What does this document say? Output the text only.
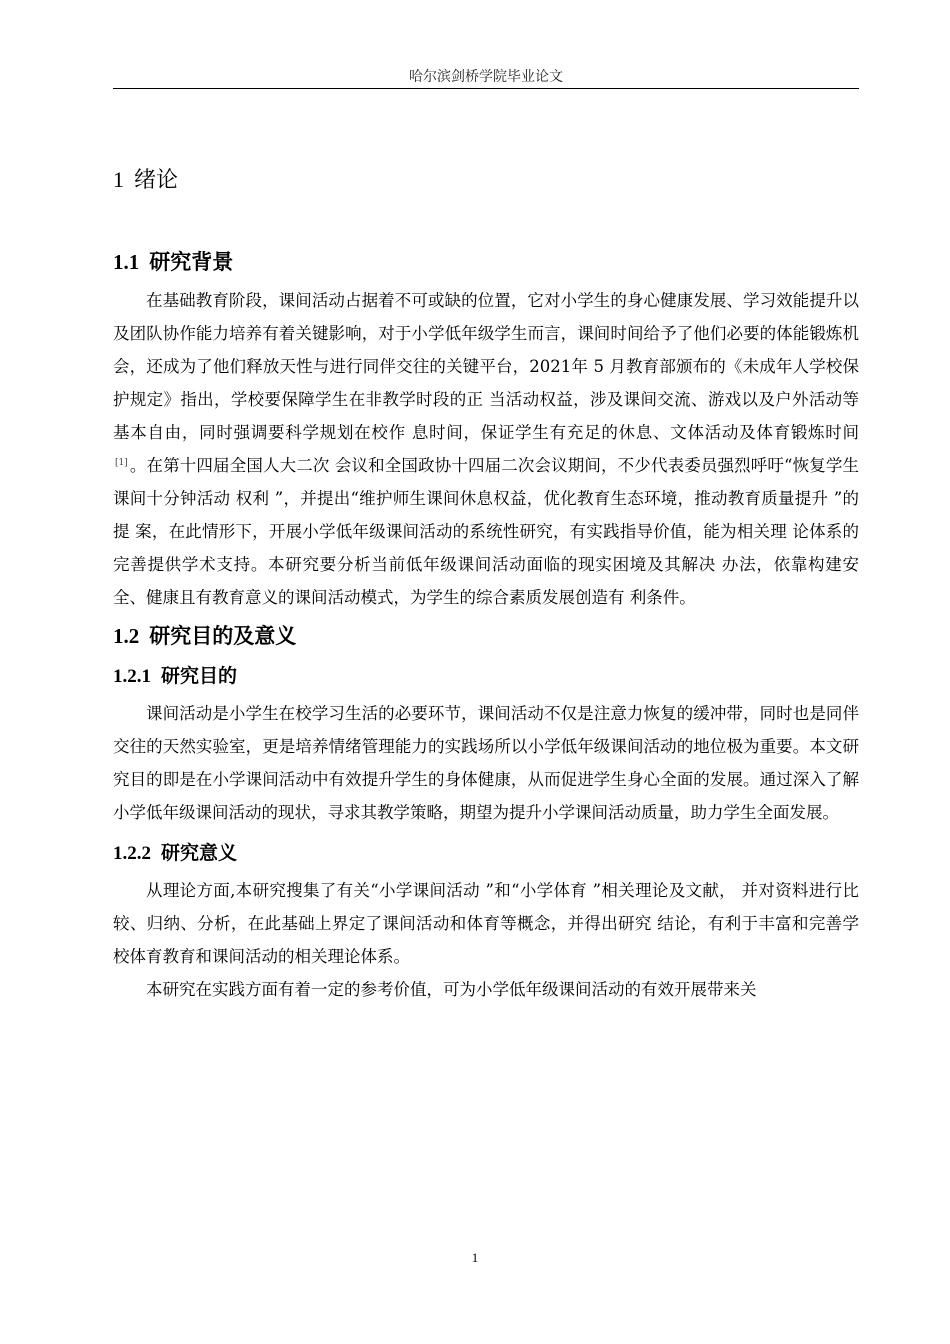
哈尔滨剑桥学院毕业论文
1 绪论
1.1 研究背景

在基础教育阶段，课间活动占据着不可或缺的位置，它对小学生的身心健康发展、学习效能提升以及团队协作能力培养有着关键影响，对于小学低年级学生而言，课间时间给予了他们必要的体能锻炼机会，还成为了他们释放天性与进行同伴交往的关键平台，2021年 5 月教育部颁布的《未成年人学校保护规定》指出，学校要保障学生在非教学时段的正 当活动权益，涉及课间交流、游戏以及户外活动等基本自由，同时强调要科学规划在校作 息时间，保证学生有充足的休息、文体活动及体育锻炼时间[1] 。在第十四届全国人大二次 会议和全国政协十四届二次会议期间，不少代表委员强烈呼吁“恢复学生课间十分钟活动 权利 ”，并提出“维护师生课间休息权益，优化教育生态环境，推动教育质量提升 ”的提 案，在此情形下，开展小学低年级课间活动的系统性研究，有实践指导价值，能为相关理 论体系的完善提供学术支持。本研究要分析当前低年级课间活动面临的现实困境及其解决 办法，依靠构建安全、健康且有教育意义的课间活动模式，为学生的综合素质发展创造有 利条件。

1.2 研究目的及意义
1.2.1 研究目的

课间活动是小学生在校学习生活的必要环节，课间活动不仅是注意力恢复的缓冲带，同时也是同伴交往的天然实验室，更是培养情绪管理能力的实践场所以小学低年级课间活动的地位极为重要。本文研究目的即是在小学课间活动中有效提升学生的身体健康，从而促进学生身心全面的发展。通过深入了解小学低年级课间活动的现状，寻求其教学策略，期望为提升小学课间活动质量，助力学生全面发展。

1.2.2 研究意义

从理论方面,本研究搜集了有关“小学课间活动 ”和“小学体育 ”相关理论及文献， 并对资料进行比较、归纳、分析，在此基础上界定了课间活动和体育等概念，并得出研究 结论，有利于丰富和完善学校体育教育和课间活动的相关理论体系。

本研究在实践方面有着一定的参考价值，可为小学低年级课间活动的有效开展带来关

1
